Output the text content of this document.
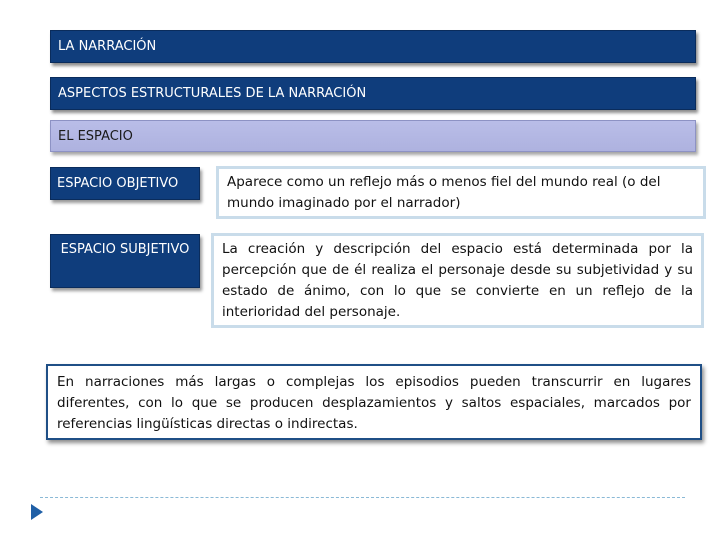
LA NARRACIÓN
ASPECTOS ESTRUCTURALES DE LA NARRACIÓN
EL ESPACIO
ESPACIO OBJETIVO	Aparece como un reflejo más o menos fiel del mundo real (o del mundo imaginado por el narrador)
ESPACIO SUBJETIVO	La creación y descripción del espacio está determinada por la percepción que de él realiza el personaje desde su subjetividad y su estado de ánimo, con lo que se convierte en un reflejo de la interioridad del personaje.
En narraciones más largas o complejas los episodios pueden transcurrir en lugares diferentes, con lo que se producen desplazamientos y saltos espaciales, marcados por referencias lingüísticas directas o indirectas.
